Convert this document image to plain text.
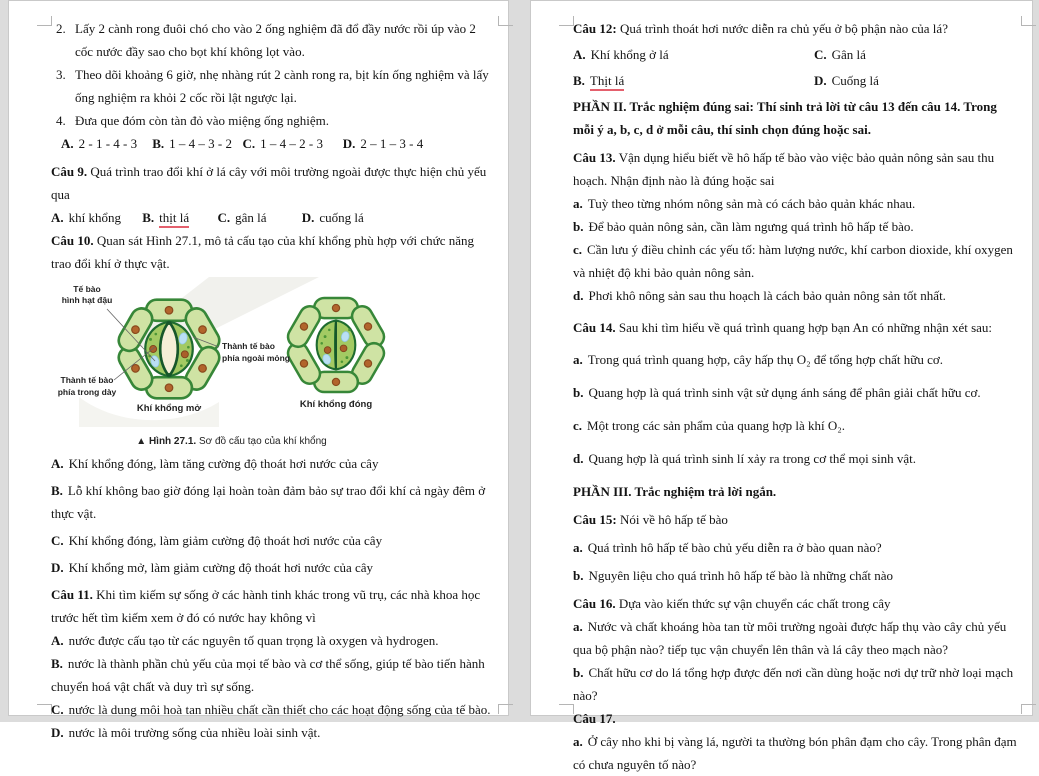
2. Lấy 2 cành rong đuôi chó cho vào 2 ống nghiệm đã đổ đầy nước rồi úp vào 2 cốc nước đầy sao cho bọt khí không lọt vào.
3. Theo dõi khoảng 6 giờ, nhẹ nhàng rút 2 cành rong ra, bịt kín ống nghiệm và lấy ống nghiệm ra khỏi 2 cốc rồi lật ngược lại.
4. Đưa que đóm còn tàn đỏ vào miệng ống nghiệm.
A. 2 - 1 - 4 - 3 B. 1 – 4 – 3 - 2 C. 1 – 4 – 2 - 3 D. 2 – 1 – 3 - 4
Câu 9. Quá trình trao đổi khí ở lá cây với môi trường ngoài được thực hiện chủ yếu qua
A. khí khổng B. thịt lá C. gân lá	D. cuống lá
Câu 10. Quan sát Hình 27.1, mô tả cấu tạo của khí khổng phù hợp với chức năng trao đổi khí ở thực vật.
Tế bào
hình hạt đậu
Thành tế bào
phía ngoài mỏng
Thành tế bào
phía trong dày
Khí khổng mở	Khí khổng đóng
▲ Hình 27.1. Sơ đồ cấu tạo của khí khổng
A. Khí khổng đóng, làm tăng cường độ thoát hơi nước của cây
B. Lỗ khí không bao giờ đóng lại hoàn toàn đảm bảo sự trao đổi khí cả ngày đêm ở thực vật.
C. Khí khổng đóng, làm giảm cường độ thoát hơi nước của cây
D. Khí khổng mở, làm giảm cường độ thoát hơi nước của cây
Câu 11. Khi tìm kiếm sự sống ở các hành tinh khác trong vũ trụ, các nhà khoa học trước hết tìm kiếm xem ở đó có nước hay không vì
A. nước được cấu tạo từ các nguyên tố quan trọng là oxygen và hydrogen.
B. nước là thành phần chủ yếu của mọi tế bào và cơ thể sống, giúp tế bào tiến hành chuyển hoá vật chất và duy trì sự sống.
C. nước là dung môi hoà tan nhiều chất cần thiết cho các hoạt động sống của tế bào.
D. nước là môi trường sống của nhiều loài sinh vật.
Câu 12: Quá trình thoát hơi nước diễn ra chủ yếu ở bộ phận nào của lá?
A. Khí khổng ở lá	C. Gân lá
B. Thịt lá	D. Cuống lá
PHẦN II. Trắc nghiệm đúng sai: Thí sinh trả lời từ câu 13 đến câu 14. Trong mỗi ý a, b, c, d ở mỗi câu, thí sinh chọn đúng hoặc sai.
Câu 13. Vận dụng hiểu biết về hô hấp tế bào vào việc bảo quản nông sản sau thu hoạch. Nhận định nào là đúng hoặc sai
a. Tuỳ theo từng nhóm nông sản mà có cách bảo quản khác nhau.
b. Để bảo quản nông sản, cần làm ngưng quá trình hô hấp tế bào.
c. Cần lưu ý điều chỉnh các yếu tố: hàm lượng nước, khí carbon dioxide, khí oxygen và nhiệt độ khi bảo quản nông sản.
d. Phơi khô nông sản sau thu hoạch là cách bảo quản nông sản tốt nhất.
Câu 14. Sau khi tìm hiểu về quá trình quang hợp bạn An có những nhận xét sau:
a. Trong quá trình quang hợp, cây hấp thụ O₂ để tổng hợp chất hữu cơ.
b. Quang hợp là quá trình sinh vật sử dụng ánh sáng để phân giải chất hữu cơ.
c. Một trong các sản phẩm của quang hợp là khí O₂.
d. Quang hợp là quá trình sinh lí xảy ra trong cơ thể mọi sinh vật.
PHẦN III. Trắc nghiệm trả lời ngắn.
Câu 15: Nói về hô hấp tế bào
a. Quá trình hô hấp tế bào chủ yếu diễn ra ở bào quan nào?
b. Nguyên liệu cho quá trình hô hấp tế bào là những chất nào
Câu 16. Dựa vào kiến thức sự vận chuyển các chất trong cây
a. Nước và chất khoáng hòa tan từ môi trường ngoài được hấp thụ vào cây chủ yếu qua bộ phận nào? tiếp tục vận chuyển lên thân và lá cây theo mạch nào?
b. Chất hữu cơ do lá tổng hợp được đến nơi cần dùng hoặc nơi dự trữ nhờ loại mạch nào?
Câu 17.
a. Ở cây nho khi bị vàng lá, người ta thường bón phân đạm cho cây. Trong phân đạm có chưa nguyên tố nào?
